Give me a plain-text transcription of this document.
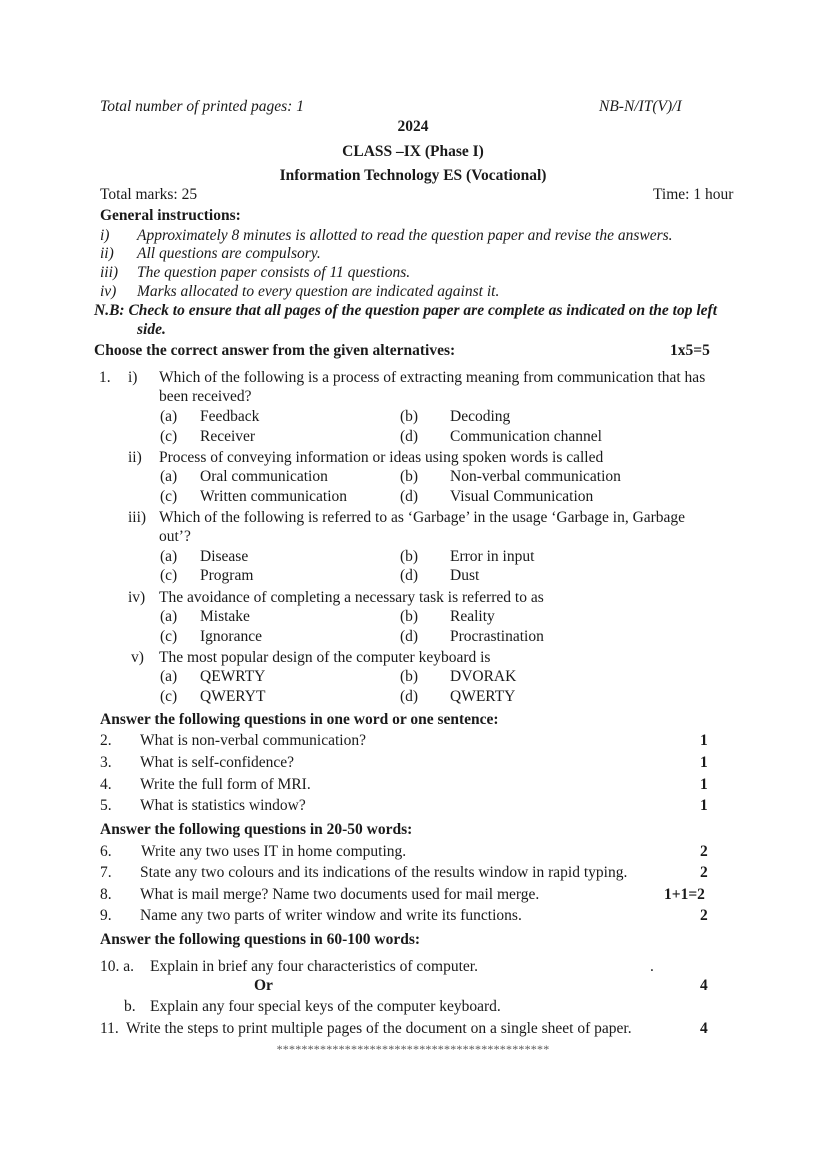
Total number of printed pages: 1	NB-N/IT(V)/I
2024
CLASS –IX (Phase I)
Information Technology ES (Vocational)
Total marks: 25	Time: 1 hour
General instructions:
i) Approximately 8 minutes is allotted to read the question paper and revise the answers.
ii) All questions are compulsory.
iii) The question paper consists of 11 questions.
iv) Marks allocated to every question are indicated against it.
N.B: Check to ensure that all pages of the question paper are complete as indicated on the top left
side.
Choose the correct answer from the given alternatives:	1x5=5
1. i) Which of the following is a process of extracting meaning from communication that has
been received?
(a) Feedback	(b) Decoding
(c) Receiver	(d) Communication channel
ii) Process of conveying information or ideas using spoken words is called
(a) Oral communication	(b) Non-verbal communication
(c) Written communication	(d) Visual Communication
iii) Which of the following is referred to as ‘Garbage’ in the usage ‘Garbage in, Garbage
out’?
(a) Disease	(b) Error in input
(c) Program	(d) Dust
iv) The avoidance of completing a necessary task is referred to as
(a) Mistake	(b) Reality
(c) Ignorance	(d) Procrastination
v) The most popular design of the computer keyboard is
(a) QEWRTY	(b) DVORAK
(c) QWERYT	(d) QWERTY
Answer the following questions in one word or one sentence:
2. What is non-verbal communication?	1
3. What is self-confidence?	1
4. Write the full form of MRI.	1
5. What is statistics window?	1
Answer the following questions in 20-50 words:
6. Write any two uses IT in home computing.	2
7. State any two colours and its indications of the results window in rapid typing.	2
8. What is mail merge? Name two documents used for mail merge.	1+1=2
9. Name any two parts of writer window and write its functions.	2
Answer the following questions in 60-100 words:
10. a. Explain in brief any four characteristics of computer.	.
Or	4
b. Explain any four special keys of the computer keyboard.
11. Write the steps to print multiple pages of the document on a single sheet of paper.	4
********************************************
